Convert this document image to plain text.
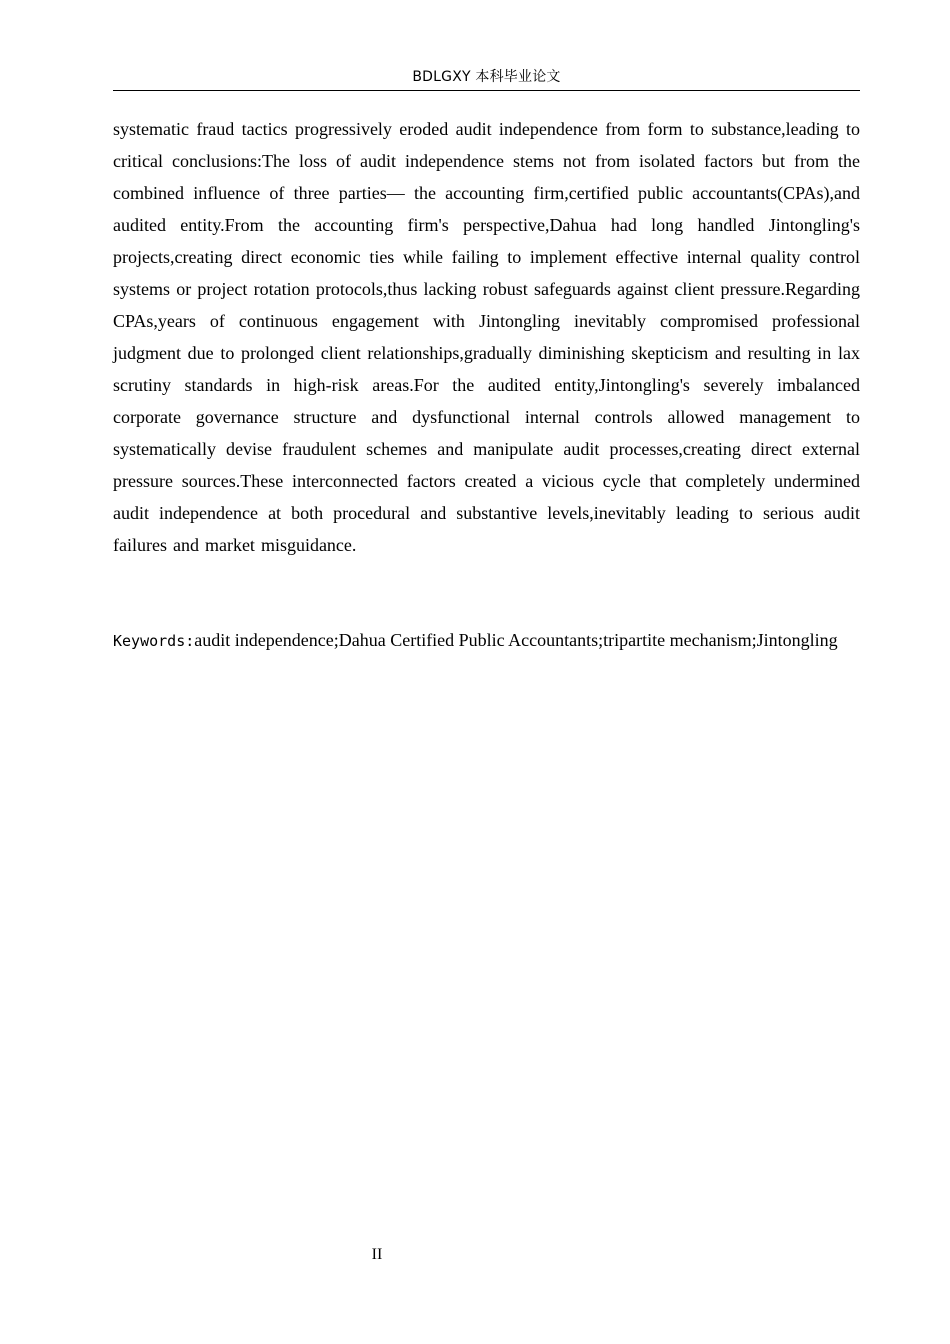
BDLGXY 本科毕业论文

systematic fraud tactics progressively eroded audit independence from form to substance,leading to critical conclusions:The loss of audit independence stems not from isolated factors but from the combined influence of three parties— the accounting firm,certified public accountants(CPAs),and audited entity.From the accounting firm's perspective,Dahua had long handled Jintongling's projects,creating direct economic ties while failing to implement effective internal quality control systems or project rotation protocols,thus lacking robust safeguards against client pressure.Regarding CPAs,years of continuous engagement with Jintongling inevitably compromised professional judgment due to prolonged client relationships,gradually diminishing skepticism and resulting in lax scrutiny standards in high-risk areas.For the audited entity,Jintongling's severely imbalanced corporate governance structure and dysfunctional internal controls allowed management to systematically devise fraudulent schemes and manipulate audit processes,creating direct external pressure sources.These interconnected factors created a vicious cycle that completely undermined audit independence at both procedural and substantive levels,inevitably leading to serious audit failures and market misguidance.

Keywords:audit independence;Dahua Certified Public Accountants;tripartite mechanism;Jintongling

II
